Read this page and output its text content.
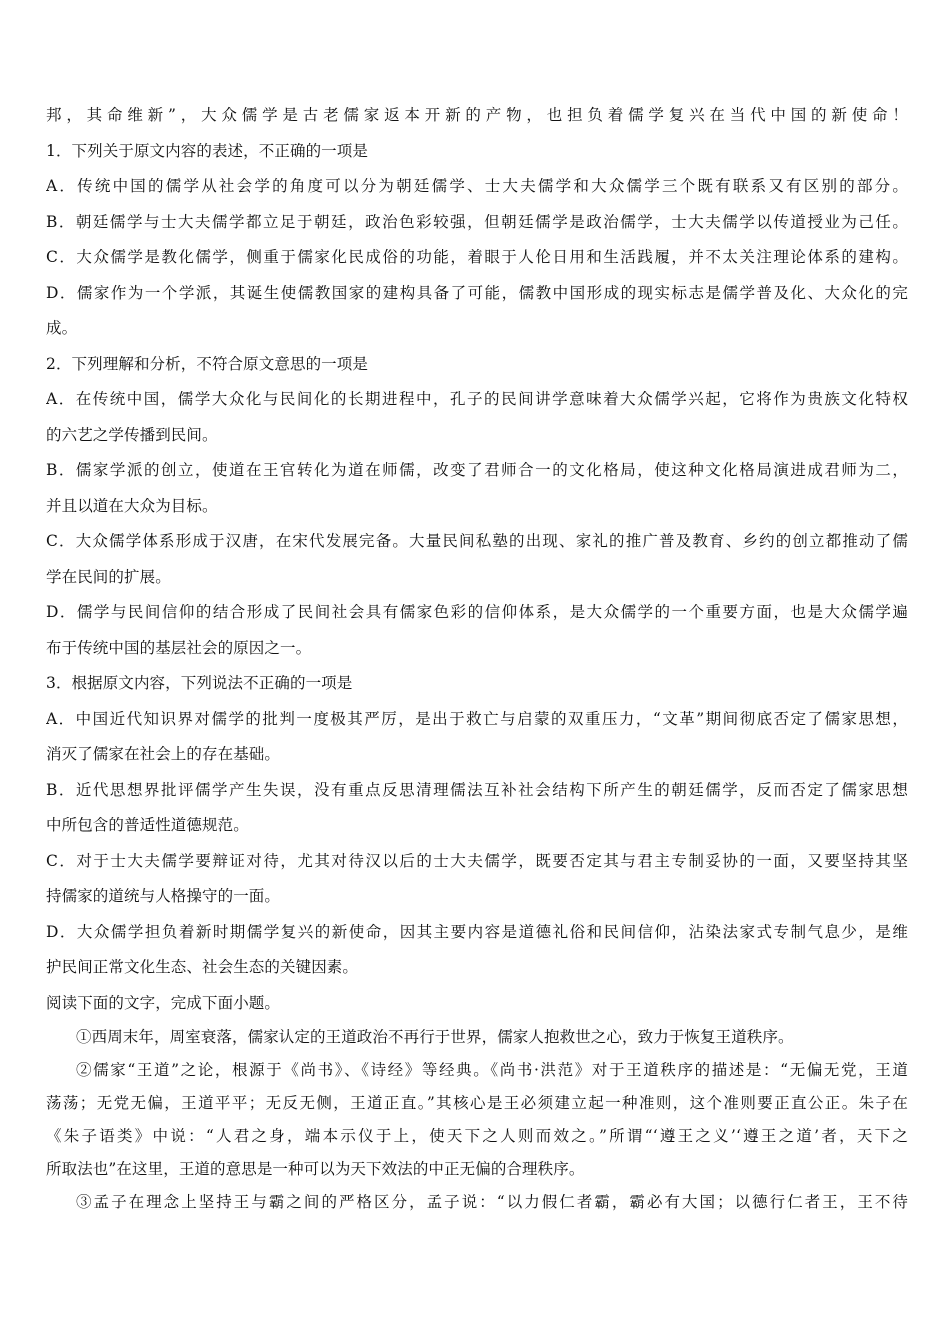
邦，其命维新”，大众儒学是古老儒家返本开新的产物，也担负着儒学复兴在当代中国的新使命！
1．下列关于原文内容的表述，不正确的一项是
A．传统中国的儒学从社会学的角度可以分为朝廷儒学、士大夫儒学和大众儒学三个既有联系又有区别的部分。
B．朝廷儒学与士大夫儒学都立足于朝廷，政治色彩较强，但朝廷儒学是政治儒学，士大夫儒学以传道授业为己任。
C．大众儒学是教化儒学，侧重于儒家化民成俗的功能，着眼于人伦日用和生活践履，并不太关注理论体系的建构。
D．儒家作为一个学派，其诞生使儒教国家的建构具备了可能，儒教中国形成的现实标志是儒学普及化、大众化的完
成。
2．下列理解和分析，不符合原文意思的一项是
A．在传统中国，儒学大众化与民间化的长期进程中，孔子的民间讲学意味着大众儒学兴起，它将作为贵族文化特权
的六艺之学传播到民间。
B．儒家学派的创立，使道在王官转化为道在师儒，改变了君师合一的文化格局，使这种文化格局演进成君师为二，
并且以道在大众为目标。
C．大众儒学体系形成于汉唐，在宋代发展完备。大量民间私塾的出现、家礼的推广普及教育、乡约的创立都推动了儒
学在民间的扩展。
D．儒学与民间信仰的结合形成了民间社会具有儒家色彩的信仰体系，是大众儒学的一个重要方面，也是大众儒学遍
布于传统中国的基层社会的原因之一。
3．根据原文内容，下列说法不正确的一项是
A．中国近代知识界对儒学的批判一度极其严厉，是出于救亡与启蒙的双重压力，“文革”期间彻底否定了儒家思想，
消灭了儒家在社会上的存在基础。
B．近代思想界批评儒学产生失误，没有重点反思清理儒法互补社会结构下所产生的朝廷儒学，反而否定了儒家思想
中所包含的普适性道德规范。
C．对于士大夫儒学要辩证对待，尤其对待汉以后的士大夫儒学，既要否定其与君主专制妥协的一面，又要坚持其坚
持儒家的道统与人格操守的一面。
D．大众儒学担负着新时期儒学复兴的新使命，因其主要内容是道德礼俗和民间信仰，沾染法家式专制气息少，是维
护民间正常文化生态、社会生态的关键因素。
阅读下面的文字，完成下面小题。
①西周末年，周室衰落，儒家认定的王道政治不再行于世界，儒家人抱救世之心，致力于恢复王道秩序。
②儒家“王道”之论，根源于《尚书》、《诗经》等经典。《尚书·洪范》对于王道秩序的描述是：“无偏无党，王道
荡荡；无党无偏，王道平平；无反无侧，王道正直。”其核心是王必须建立起一种准则，这个准则要正直公正。朱子在
《朱子语类》中说：“人君之身，端本示仪于上，使天下之人则而效之。”所谓“‘遵王之义’‘遵王之道’者，天下之
所取法也”在这里，王道的意思是一种可以为天下效法的中正无偏的合理秩序。
③孟子在理念上坚持王与霸之间的严格区分，孟子说：“以力假仁者霸，霸必有大国；以德行仁者王，王不待
